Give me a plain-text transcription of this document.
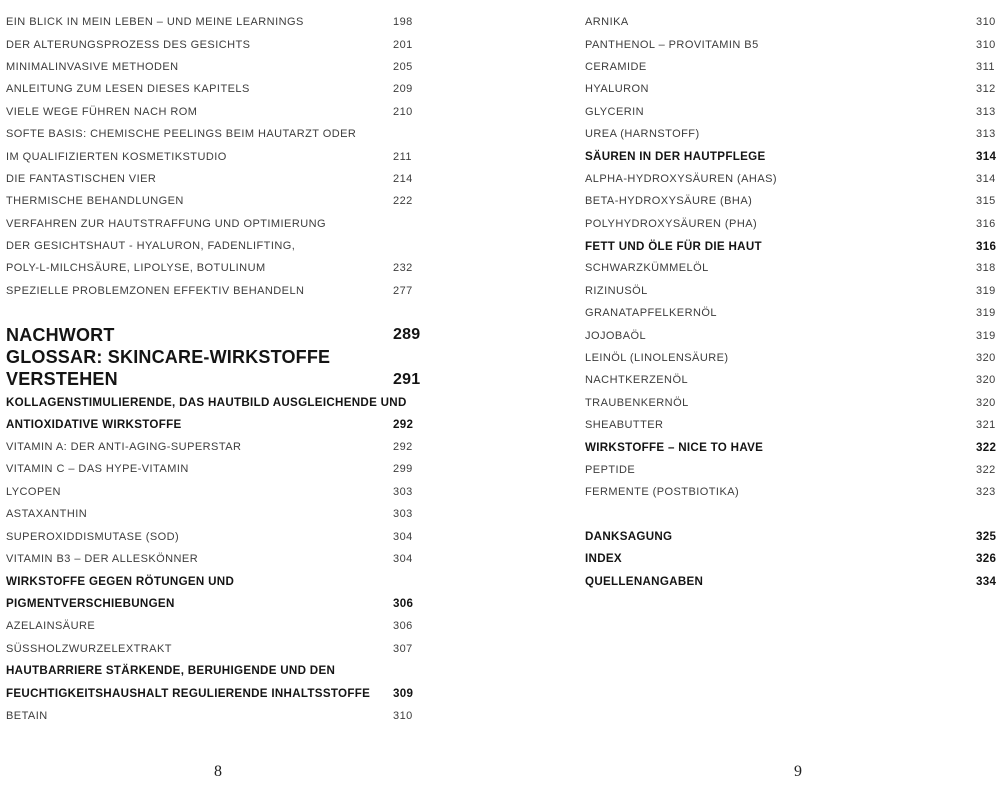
EIN BLICK IN MEIN LEBEN – UND MEINE LEARNINGS	198
DER ALTERUNGSPROZESS DES GESICHTS	201
MINIMALINVASIVE METHODEN	205
ANLEITUNG ZUM LESEN DIESES KAPITELS	209
VIELE WEGE FÜHREN NACH ROM	210
SOFTE BASIS: CHEMISCHE PEELINGS BEIM HAUTARZT ODER
IM QUALIFIZIERTEN KOSMETIKSTUDIO	211
DIE FANTASTISCHEN VIER	214
THERMISCHE BEHANDLUNGEN	222
VERFAHREN ZUR HAUTSTRAFFUNG UND OPTIMIERUNG
DER GESICHTSHAUT - HYALURON, FADENLIFTING,
POLY-L-MILCHSÄURE, LIPOLYSE, BOTULINUM	232
SPEZIELLE PROBLEMZONEN EFFEKTIV BEHANDELN	277
NACHWORT	289
GLOSSAR: SKINCARE-WIRKSTOFFE
VERSTEHEN	291
KOLLAGENSTIMULIERENDE, DAS HAUTBILD AUSGLEICHENDE UND
ANTIOXIDATIVE WIRKSTOFFE	292
VITAMIN A: DER ANTI-AGING-SUPERSTAR	292
VITAMIN C – DAS HYPE-VITAMIN	299
LYCOPEN	303
ASTAXANTHIN	303
SUPEROXIDDISMUTASE (SOD)	304
VITAMIN B3 – DER ALLESKÖNNER	304
WIRKSTOFFE GEGEN RÖTUNGEN UND
PIGMENTVERSCHIEBUNGEN	306
AZELAINSÄURE	306
SÜSSHOLZWURZELEXTRAKT	307
HAUTBARRIERE STÄRKENDE, BERUHIGENDE UND DEN
FEUCHTIGKEITSHAUSHALT REGULIERENDE INHALTSSTOFFE	309
BETAIN	310
ARNIKA	310
PANTHENOL – PROVITAMIN B5	310
CERAMIDE	311
HYALURON	312
GLYCERIN	313
UREA (HARNSTOFF)	313
SÄUREN IN DER HAUTPFLEGE	314
ALPHA-HYDROXYSÄUREN (AHAS)	314
BETA-HYDROXYSÄURE (BHA)	315
POLYHYDROXYSÄUREN (PHA)	316
FETT UND ÖLE FÜR DIE HAUT	316
SCHWARZKÜMMELÖL	318
RIZINUSÖL	319
GRANATAPFELKERNÖL	319
JOJOBAÖL	319
LEINÖL (LINOLENSÄURE)	320
NACHTKERZENÖL	320
TRAUBENKERNÖL	320
SHEABUTTER	321
WIRKSTOFFE – NICE TO HAVE	322
PEPTIDE	322
FERMENTE (POSTBIOTIKA)	323
DANKSAGUNG	325
INDEX	326
QUELLENANGABEN	334
8	9
